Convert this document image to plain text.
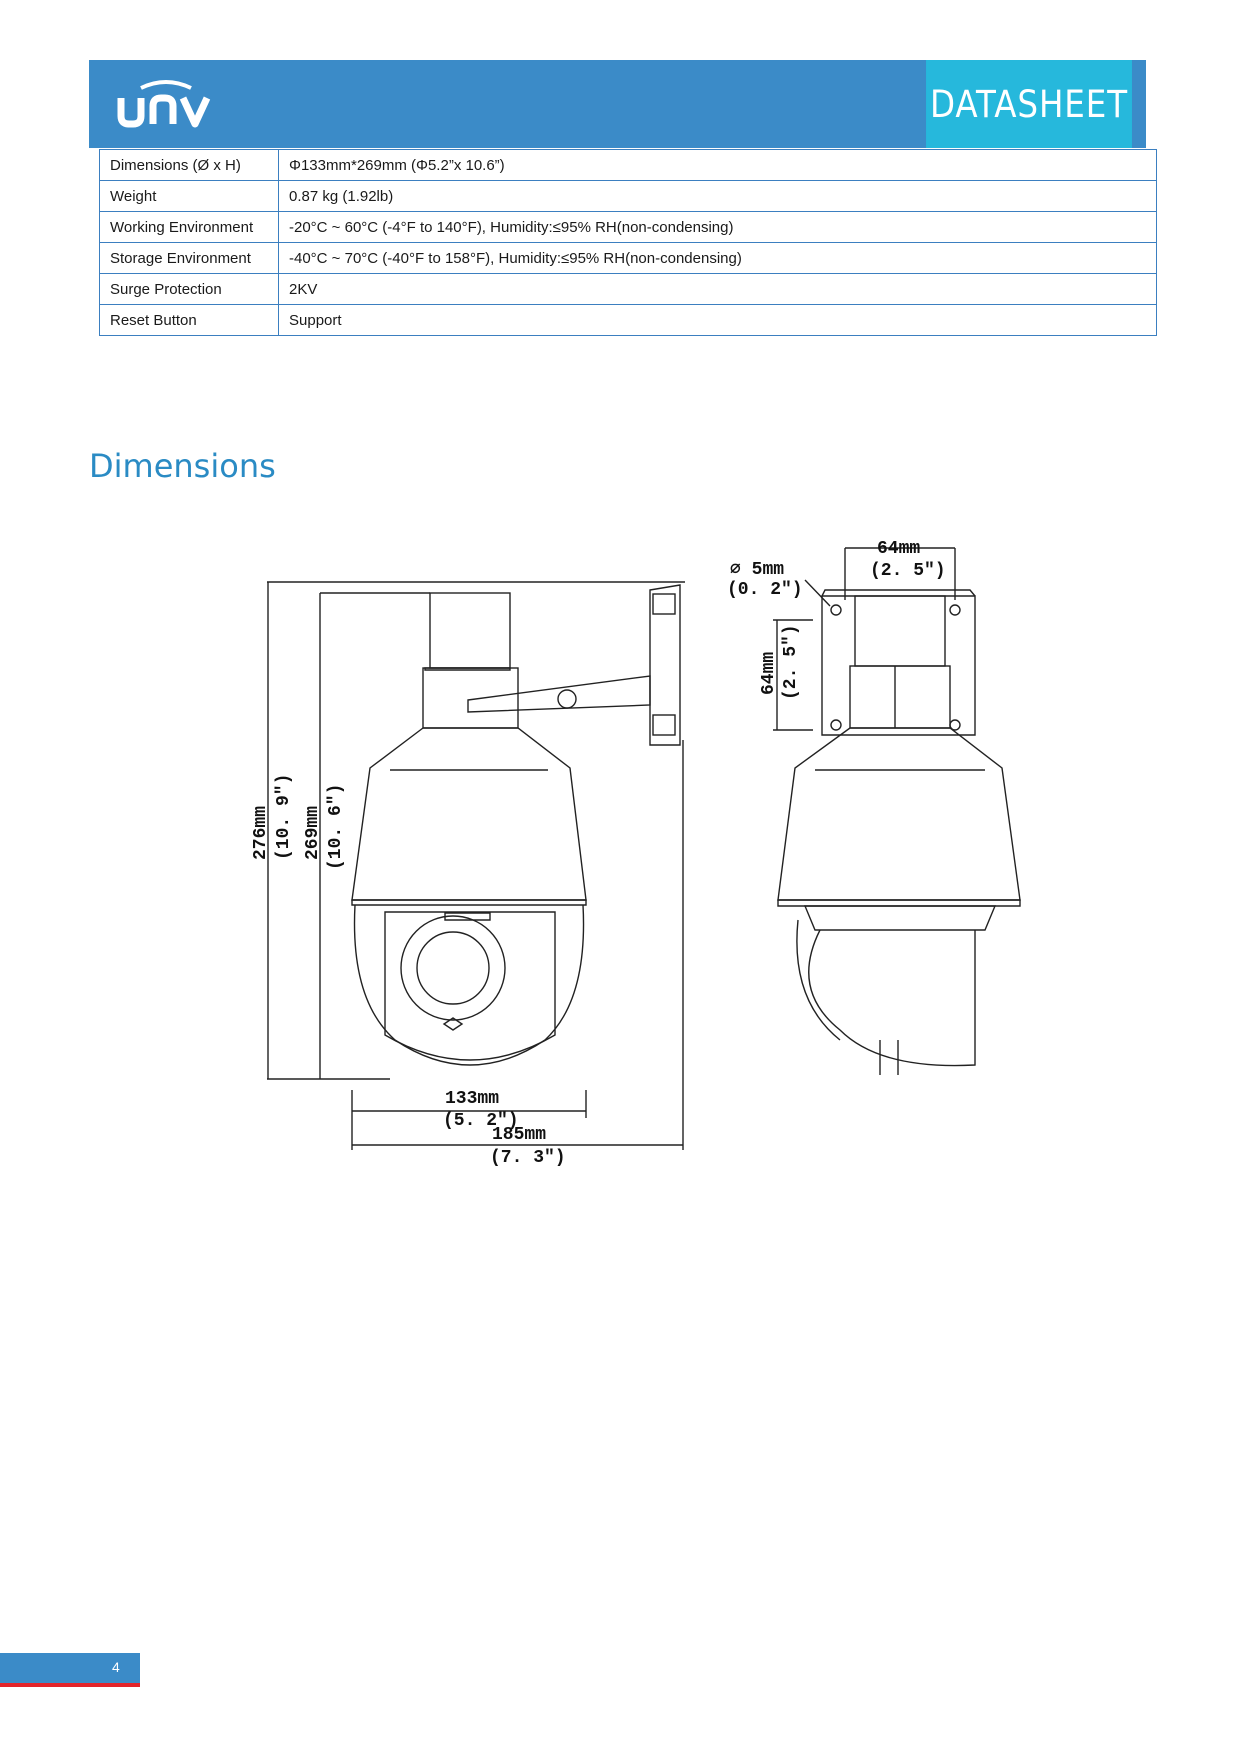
DATASHEET
Dimensions (Ø x H)	Φ133mm*269mm (Φ5.2”x 10.6”)
Weight	0.87 kg (1.92lb)
Working Environment	-20°C ~ 60°C (-4°F to 140°F), Humidity:≤95% RH(non-condensing)
Storage Environment	-40°C ~ 70°C (-40°F to 158°F), Humidity:≤95% RH(non-condensing)
Surge Protection	2KV
Reset Button	Support
Dimensions
276mm (10. 9") 269mm (10. 6")
133mm
(5. 2")
185mm
(7. 3")
∅ 5mm
(0. 2")
64mm
(2. 5")
64mm (2. 5")
4
